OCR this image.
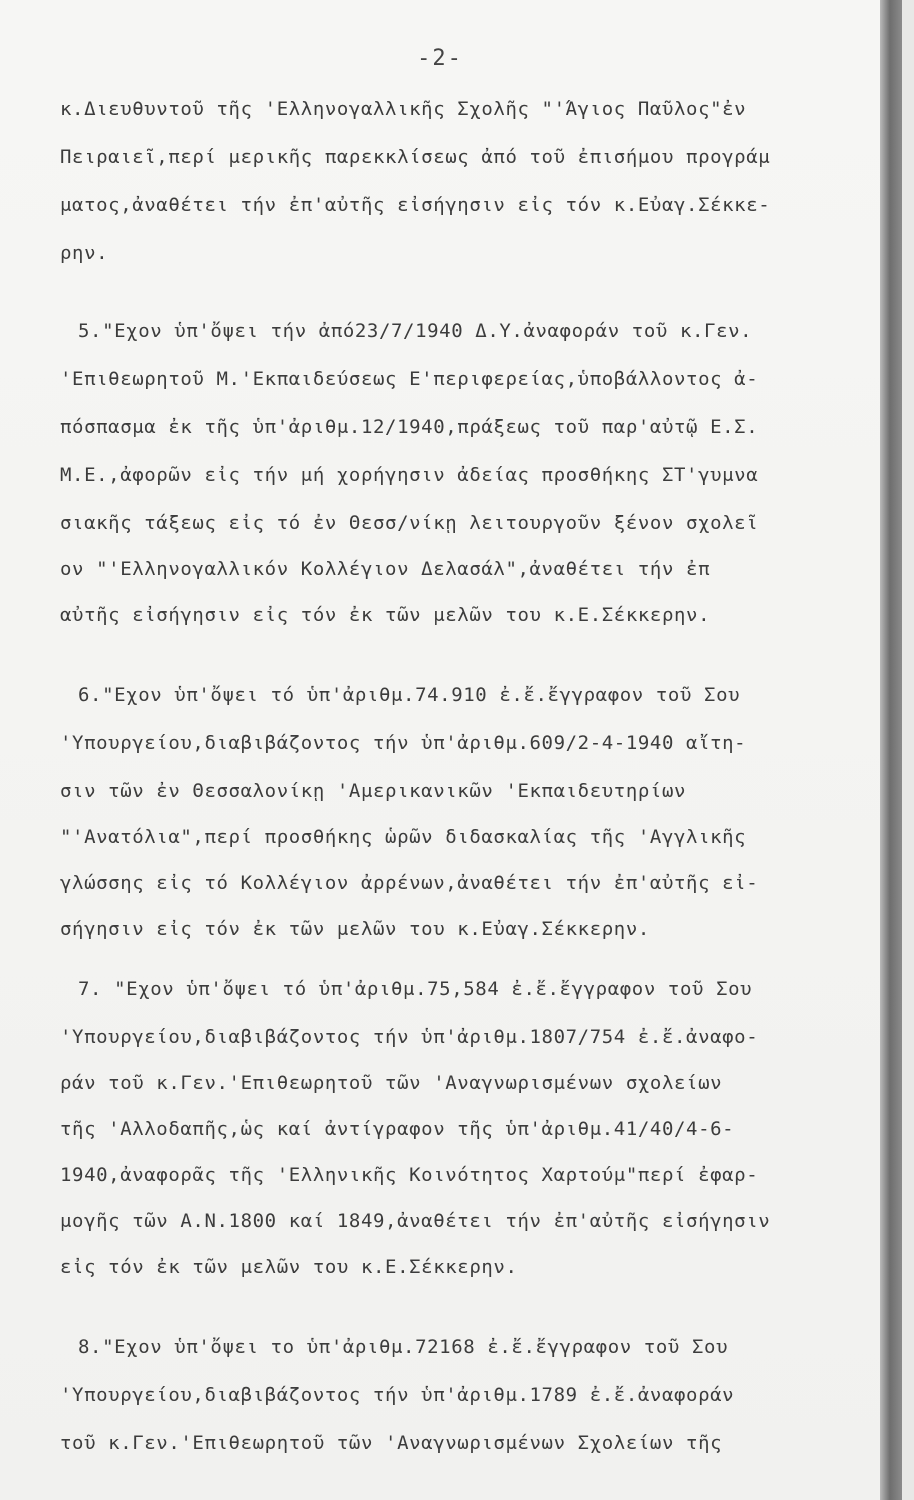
-2-
κ.Διευθυντοῦ τῆς 'Ελληνογαλλικῆς Σχολῆς "'Άγιος Παῦλος"ἐν
Πειραιεῖ,περί μερικῆς παρεκκλίσεως ἀπό τοῦ ἐπισήμου προγράμ
ματος,ἀναθέτει τήν ἐπ'αὐτῆς εἰσήγησιν εἰς τόν κ.Εὐαγ.Σέκκε-
ρην.
5."Εχον ὑπ'ὄψει τήν ἀπό23/7/1940 Δ.Υ.ἀναφοράν τοῦ κ.Γεν.
'Επιθεωρητοῦ Μ.'Εκπαιδεύσεως Ε'περιφερείας,ὑποβάλλοντος ἀ-
πόσπασμα ἐκ τῆς ὑπ'ἀριθμ.12/1940,πράξεως τοῦ παρ'αὐτῷ Ε.Σ.
Μ.Ε.,ἀφορῶν εἰς τήν μή χορήγησιν ἀδείας προσθήκης ΣΤ'γυμνα
σιακῆς τάξεως εἰς τό ἐν Θεσσ/νίκῃ λειτουργοῦν ξένον σχολεῖ
ον "'Ελληνογαλλικόν Κολλέγιον Δελασάλ",ἀναθέτει τήν ἐπ
αὐτῆς εἰσήγησιν εἰς τόν ἐκ τῶν μελῶν του κ.Ε.Σέκκερην.
6."Εχον ὑπ'ὄψει τό ὑπ'ἀριθμ.74.910 ἐ.ἔ.ἔγγραφον τοῦ Σου
'Υπουργείου,διαβιβάζοντος τήν ὑπ'ἀριθμ.609/2-4-1940 αἴτη-
σιν τῶν ἐν Θεσσαλονίκῃ 'Αμερικανικῶν 'Εκπαιδευτηρίων
"'Ανατόλια",περί προσθήκης ὡρῶν διδασκαλίας τῆς 'Αγγλικῆς
γλώσσης εἰς τό Κολλέγιον ἀρρένων,ἀναθέτει τήν ἐπ'αὐτῆς εἰ-
σήγησιν εἰς τόν ἐκ τῶν μελῶν του κ.Εὐαγ.Σέκκερην.
7. "Εχον ὑπ'ὄψει τό ὑπ'ἀριθμ.75,584 ἐ.ἔ.ἔγγραφον τοῦ Σου
'Υπουργείου,διαβιβάζοντος τήν ὑπ'ἀριθμ.1807/754 ἐ.ἔ.ἀναφο-
ράν τοῦ κ.Γεν.'Επιθεωρητοῦ τῶν 'Αναγνωρισμένων σχολείων
τῆς 'Αλλοδαπῆς,ὡς καί ἀντίγραφον τῆς ὑπ'ἀριθμ.41/40/4-6-
1940,ἀναφορᾶς τῆς 'Ελληνικῆς Κοινότητος Χαρτούμ"περί ἐφαρ-
μογῆς τῶν Α.Ν.1800 καί 1849,ἀναθέτει τήν ἐπ'αὐτῆς εἰσήγησιν
εἰς τόν ἐκ τῶν μελῶν του κ.Ε.Σέκκερην.
8."Εχον ὑπ'ὄψει το ὑπ'ἀριθμ.72168 ἐ.ἔ.ἔγγραφον τοῦ Σου
'Υπουργείου,διαβιβάζοντος τήν ὑπ'ἀριθμ.1789 ἐ.ἔ.ἀναφοράν
τοῦ κ.Γεν.'Επιθεωρητοῦ τῶν 'Αναγνωρισμένων Σχολείων τῆς
